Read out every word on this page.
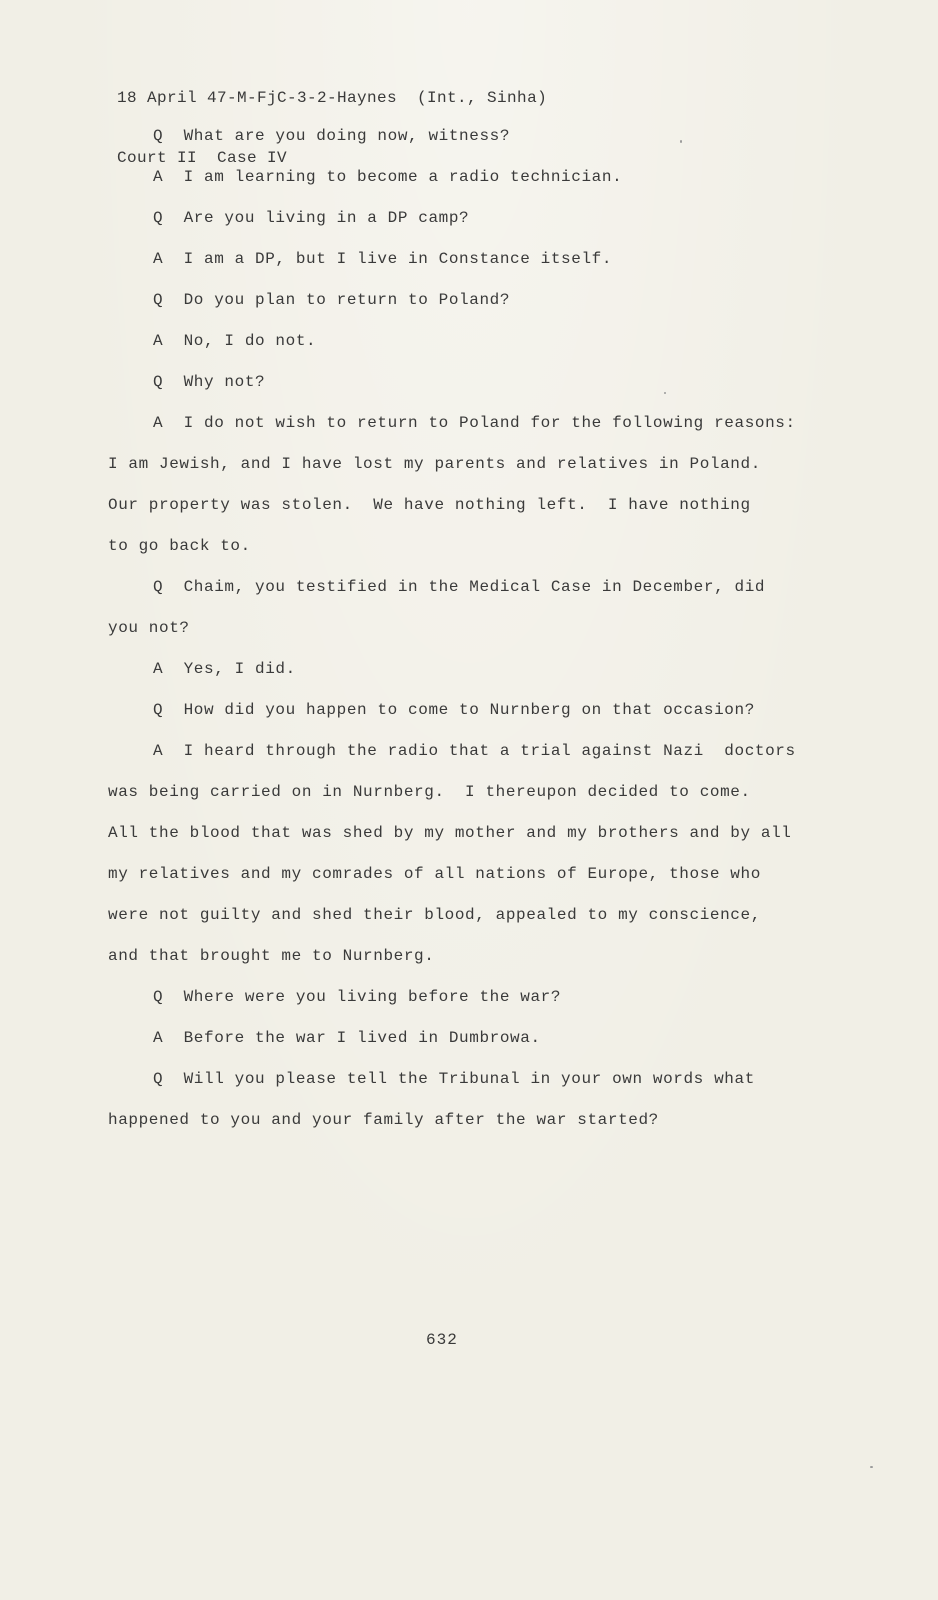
18 April 47-M-FjC-3-2-Haynes  (Int., Sinha)

Court II  Case IV

Q  What are you doing now, witness?
A  I am learning to become a radio technician.
Q  Are you living in a DP camp?
A  I am a DP, but I live in Constance itself.
Q  Do you plan to return to Poland?
A  No, I do not.
Q  Why not?
A  I do not wish to return to Poland for the following reasons:
I am Jewish, and I have lost my parents and relatives in Poland.
Our property was stolen.  We have nothing left.  I have nothing
to go back to.
Q  Chaim, you testified in the Medical Case in December, did
you not?
A  Yes, I did.
Q  How did you happen to come to Nurnberg on that occasion?
A  I heard through the radio that a trial against Nazi  doctors
was being carried on in Nurnberg.  I thereupon decided to come.
All the blood that was shed by my mother and my brothers and by all
my relatives and my comrades of all nations of Europe, those who
were not guilty and shed their blood, appealed to my conscience,
and that brought me to Nurnberg.
Q  Where were you living before the war?
A  Before the war I lived in Dumbrowa.
Q  Will you please tell the Tribunal in your own words what
happened to you and your family after the war started?
632
